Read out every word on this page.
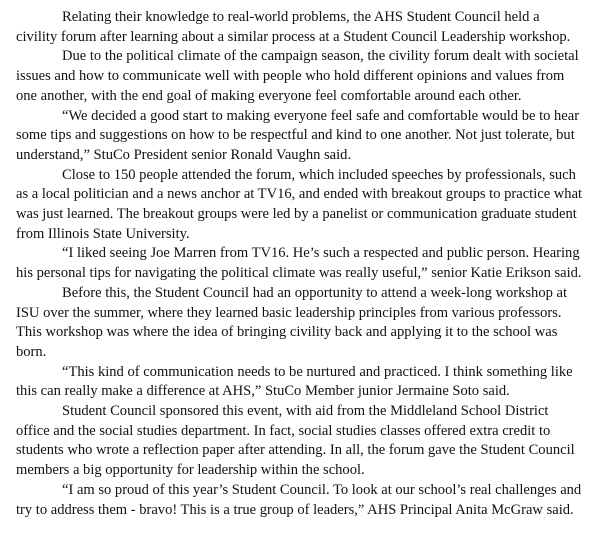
Relating their knowledge to real-world problems, the AHS Student Council held a civility forum after learning about a similar process at a Student Council Leadership workshop.

Due to the political climate of the campaign season, the civility forum dealt with societal issues and how to communicate well with people who hold different opinions and values from one another, with the end goal of making everyone feel comfortable around each other.

“We decided a good start to making everyone feel safe and comfortable would be to hear some tips and suggestions on how to be respectful and kind to one another. Not just tolerate, but understand,” StuCo President senior Ronald Vaughn said.

Close to 150 people attended the forum, which included speeches by professionals, such as a local politician and a news anchor at TV16, and ended with breakout groups to practice what was just learned. The breakout groups were led by a panelist or communication graduate student from Illinois State University.

“I liked seeing Joe Marren from TV16. He’s such a respected and public person. Hearing his personal tips for navigating the political climate was really useful,” senior Katie Erikson said.

Before this, the Student Council had an opportunity to attend a week-long workshop at ISU over the summer, where they learned basic leadership principles from various professors. This workshop was where the idea of bringing civility back and applying it to the school was born.

“This kind of communication needs to be nurtured and practiced. I think something like this can really make a difference at AHS,” StuCo Member junior Jermaine Soto said.

Student Council sponsored this event, with aid from the Middleland School District office and the social studies department. In fact, social studies classes offered extra credit to students who wrote a reflection paper after attending. In all, the forum gave the Student Council members a big opportunity for leadership within the school.

“I am so proud of this year’s Student Council. To look at our school’s real challenges and try to address them - bravo! This is a true group of leaders,” AHS Principal Anita McGraw said.
